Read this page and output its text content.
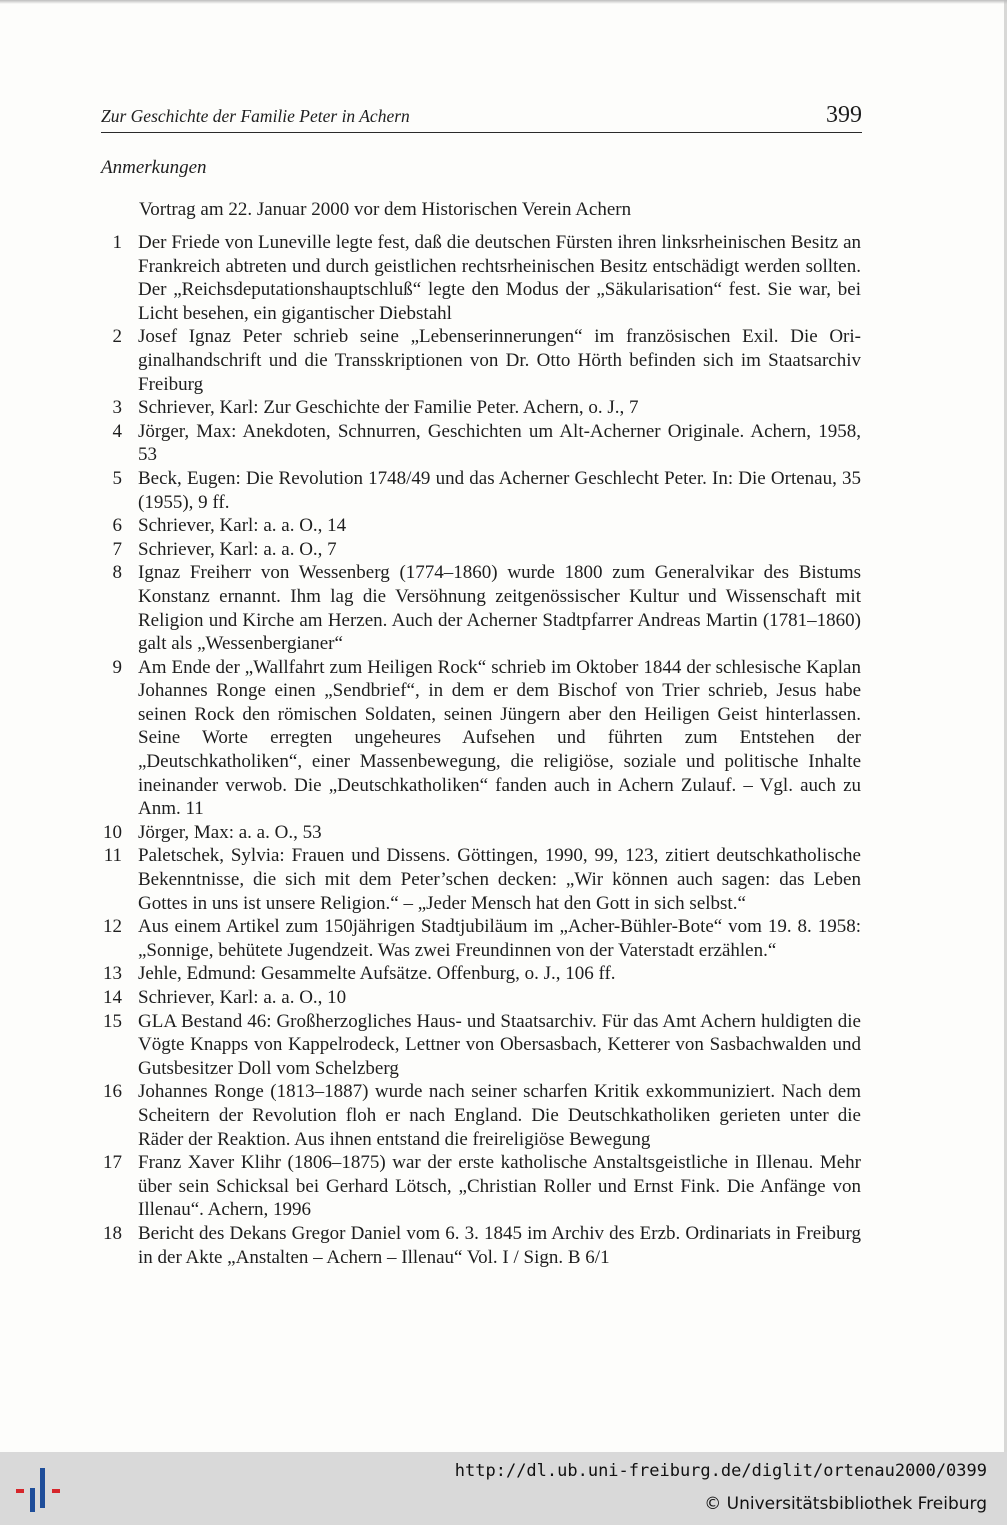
Zur Geschichte der Familie Peter in Achern	399
Anmerkungen
Vortrag am 22. Januar 2000 vor dem Historischen Verein Achern
1 Der Friede von Luneville legte fest, daß die deutschen Fürsten ihren linksrheinischen Besitz an Frankreich abtreten und durch geistlichen rechtsrheinischen Besitz entschädigt werden sollten. Der „Reichsdeputationshauptschluß“ legte den Modus der „Säkularisation“ fest. Sie war, bei Licht besehen, ein gigantischer Diebstahl
2 Josef Ignaz Peter schrieb seine „Lebenserinnerungen“ im französischen Exil. Die Originalhandschrift und die Transskriptionen von Dr. Otto Hörth befinden sich im Staatsarchiv Freiburg
3 Schriever, Karl: Zur Geschichte der Familie Peter. Achern, o. J., 7
4 Jörger, Max: Anekdoten, Schnurren, Geschichten um Alt-Acherner Originale. Achern, 1958, 53
5 Beck, Eugen: Die Revolution 1748/49 und das Acherner Geschlecht Peter. In: Die Ortenau, 35 (1955), 9 ff.
6 Schriever, Karl: a. a. O., 14
7 Schriever, Karl: a. a. O., 7
8 Ignaz Freiherr von Wessenberg (1774–1860) wurde 1800 zum Generalvikar des Bistums Konstanz ernannt. Ihm lag die Versöhnung zeitgenössischer Kultur und Wissenschaft mit Religion und Kirche am Herzen. Auch der Acherner Stadtpfarrer Andreas Martin (1781–1860) galt als „Wessenbergianer“
9 Am Ende der „Wallfahrt zum Heiligen Rock“ schrieb im Oktober 1844 der schlesische Kaplan Johannes Ronge einen „Sendbrief“, in dem er dem Bischof von Trier schrieb, Jesus habe seinen Rock den römischen Soldaten, seinen Jüngern aber den Heiligen Geist hinterlassen. Seine Worte erregten ungeheures Aufsehen und führten zum Entstehen der „Deutschkatholiken“, einer Massenbewegung, die religiöse, soziale und politische Inhalte ineinander verwob. Die „Deutschkatholiken“ fanden auch in Achern Zulauf. – Vgl. auch zu Anm. 11
10 Jörger, Max: a. a. O., 53
11 Paletschek, Sylvia: Frauen und Dissens. Göttingen, 1990, 99, 123, zitiert deutschkatholische Bekenntnisse, die sich mit dem Peter’schen decken: „Wir können auch sagen: das Leben Gottes in uns ist unsere Religion.“ – „Jeder Mensch hat den Gott in sich selbst.“
12 Aus einem Artikel zum 150jährigen Stadtjubiläum im „Acher-Bühler-Bote“ vom 19. 8. 1958: „Sonnige, behütete Jugendzeit. Was zwei Freundinnen von der Vaterstadt erzählen.“
13 Jehle, Edmund: Gesammelte Aufsätze. Offenburg, o. J., 106 ff.
14 Schriever, Karl: a. a. O., 10
15 GLA Bestand 46: Großherzogliches Haus- und Staatsarchiv. Für das Amt Achern huldigten die Vögte Knapps von Kappelrodeck, Lettner von Obersasbach, Ketterer von Sasbachwalden und Gutsbesitzer Doll vom Schelzberg
16 Johannes Ronge (1813–1887) wurde nach seiner scharfen Kritik exkommuniziert. Nach dem Scheitern der Revolution floh er nach England. Die Deutschkatholiken gerieten unter die Räder der Reaktion. Aus ihnen entstand die freireligiöse Bewegung
17 Franz Xaver Klihr (1806–1875) war der erste katholische Anstaltsgeistliche in Illenau. Mehr über sein Schicksal bei Gerhard Lötsch, „Christian Roller und Ernst Fink. Die Anfänge von Illenau“. Achern, 1996
18 Bericht des Dekans Gregor Daniel vom 6. 3. 1845 im Archiv des Erzb. Ordinariats in Freiburg in der Akte „Anstalten – Achern – Illenau“ Vol. I / Sign. B 6/1
http://dl.ub.uni-freiburg.de/diglit/ortenau2000/0399
© Universitätsbibliothek Freiburg
